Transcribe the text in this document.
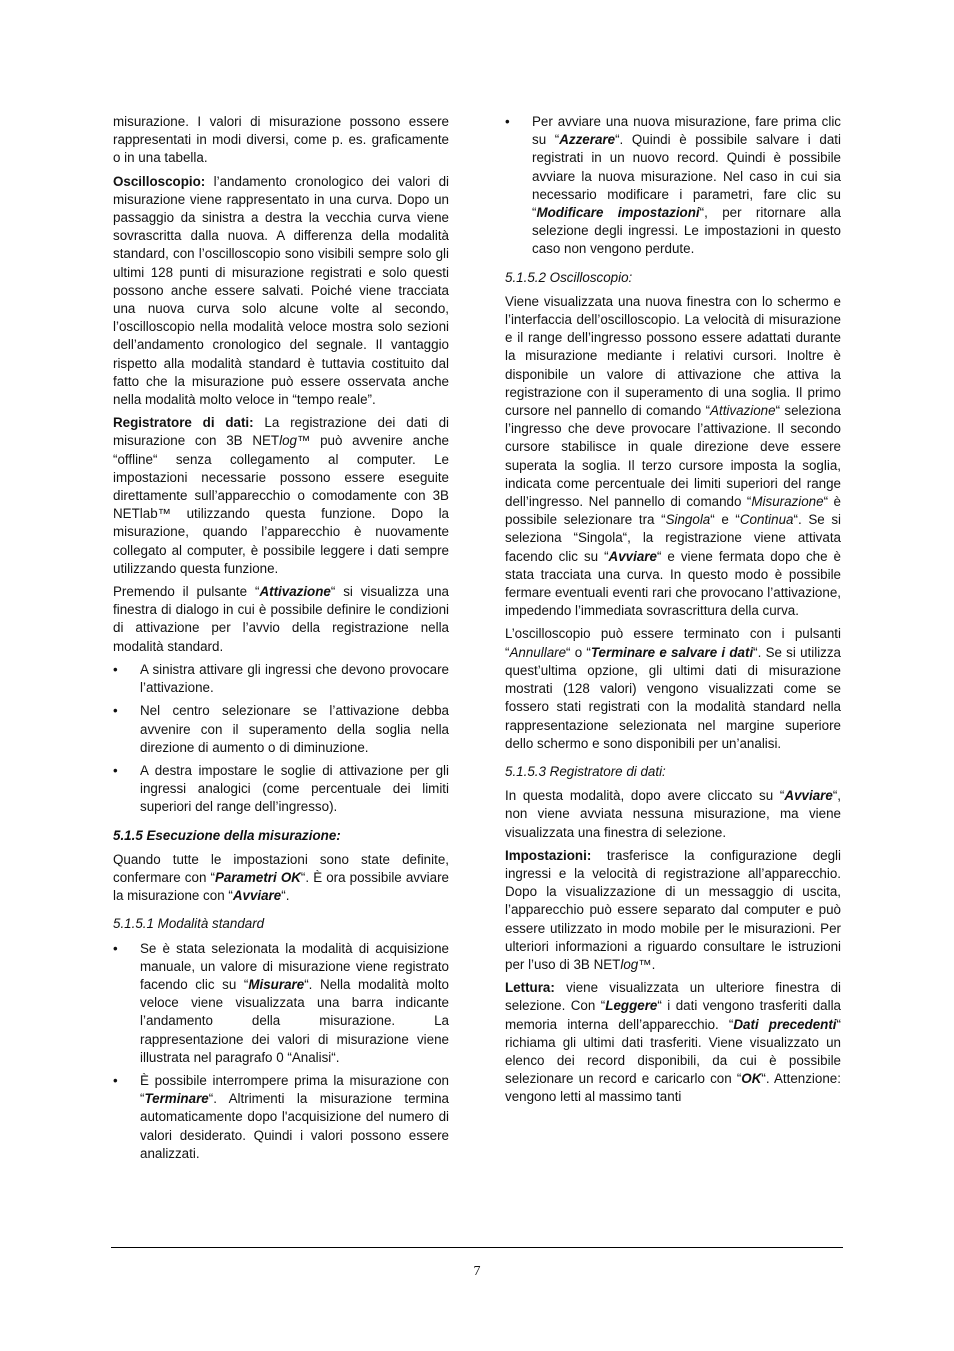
misurazione. I valori di misurazione possono essere rappresentati in modi diversi, come p. es. graficamente o in una tabella.

Oscilloscopio: l’andamento cronologico dei valori di misurazione viene rappresentato in una curva. Dopo un passaggio da sinistra a destra la vecchia curva viene sovrascritta dalla nuova. A differenza della modalità standard, con l’oscilloscopio sono visibili sempre solo gli ultimi 128 punti di misurazione registrati e solo questi possono anche essere salvati. Poiché viene tracciata una nuova curva solo alcune volte al secondo, l’oscilloscopio nella modalità veloce mostra solo sezioni dell’andamento cronologico del segnale. Il vantaggio rispetto alla modalità standard è tuttavia costituito dal fatto che la misurazione può essere osservata anche nella modalità molto veloce in “tempo reale”.

Registratore di dati: La registrazione dei dati di misurazione con 3B NETlog™ può avvenire anche “offline“ senza collegamento al computer. Le impostazioni necessarie possono essere eseguite direttamente sull’apparecchio o comodamente con 3B NETlab™ utilizzando questa funzione. Dopo la misurazione, quando l’apparecchio è nuovamente collegato al computer, è possibile leggere i dati sempre utilizzando questa funzione.

Premendo il pulsante “Attivazione“ si visualizza una finestra di dialogo in cui è possibile definire le condizioni di attivazione per l’avvio della registrazione nella modalità standard.

• A sinistra attivare gli ingressi che devono provocare l’attivazione.
• Nel centro selezionare se l’attivazione debba avvenire con il superamento della soglia nella direzione di aumento o di diminuzione.
• A destra impostare le soglie di attivazione per gli ingressi analogici (come percentuale dei limiti superiori del range dell’ingresso).
5.1.5 Esecuzione della misurazione:

Quando tutte le impostazioni sono state definite, confermare con “Parametri OK“. È ora possibile avviare la misurazione con “Avviare“.

5.1.5.1 Modalità standard
• Se è stata selezionata la modalità di acquisizione manuale, un valore di misurazione viene registrato facendo clic su “Misurare“. Nella modalità molto veloce viene visualizzata una barra indicante l’andamento della misurazione. La rappresentazione dei valori di misurazione viene illustrata nel paragrafo 0 “Analisi“.
• È possibile interrompere prima la misurazione con “Terminare“. Altrimenti la misurazione termina automaticamente dopo l'acquisizione del numero di valori desiderato. Quindi i valori possono essere analizzati.
• Per avviare una nuova misurazione, fare prima clic su “Azzerare“. Quindi è possibile salvare i dati registrati in un nuovo record. Quindi è possibile avviare la nuova misurazione. Nel caso in cui sia necessario modificare i parametri, fare clic su “Modificare impostazioni“, per ritornare alla selezione degli ingressi. Le impostazioni in questo caso non vengono perdute.
5.1.5.2 Oscilloscopio:

Viene visualizzata una nuova finestra con lo schermo e l’interfaccia dell’oscilloscopio. La velocità di misurazione e il range dell’ingresso possono essere adattati durante la misurazione mediante i relativi cursori. Inoltre è disponibile un valore di attivazione che attiva la registrazione con il superamento di una soglia. Il primo cursore nel pannello di comando “Attivazione“ seleziona l’ingresso che deve provocare l’attivazione. Il secondo cursore stabilisce in quale direzione deve essere superata la soglia. Il terzo cursore imposta la soglia, indicata come percentuale dei limiti superiori del range dell’ingresso. Nel pannello di comando “Misurazione“ è possibile selezionare tra “Singola“ e “Continua“. Se si seleziona “Singola“, la registrazione viene attivata facendo clic su “Avviare“ e viene fermata dopo che è stata tracciata una curva. In questo modo è possibile fermare eventuali eventi rari che provocano l’attivazione, impedendo l’immediata sovrascrittura della curva.

L’oscilloscopio può essere terminato con i pulsanti “Annullare“ o “Terminare e salvare i dati“. Se si utilizza quest’ultima opzione, gli ultimi dati di misurazione mostrati (128 valori) vengono visualizzati come se fossero stati registrati con la modalità standard nella rappresentazione selezionata nel margine superiore dello schermo e sono disponibili per un’analisi.

5.1.5.3 Registratore di dati:

In questa modalità, dopo avere cliccato su “Avviare“, non viene avviata nessuna misurazione, ma viene visualizzata una finestra di selezione.

Impostazioni: trasferisce la configurazione degli ingressi e la velocità di registrazione all’apparecchio. Dopo la visualizzazione di un messaggio di uscita, l’apparecchio può essere separato dal computer e può essere utilizzato in modo mobile per le misurazioni. Per ulteriori informazioni a riguardo consultare le istruzioni per l’uso di 3B NETlog™.

Lettura: viene visualizzata un ulteriore finestra di selezione. Con “Leggere“ i dati vengono trasferiti dalla memoria interna dell’apparecchio. “Dati precedenti“ richiama gli ultimi dati trasferiti. Viene visualizzato un elenco dei record disponibili, da cui è possibile selezionare un record e caricarlo con “OK“. Attenzione: vengono letti al massimo tanti

7
